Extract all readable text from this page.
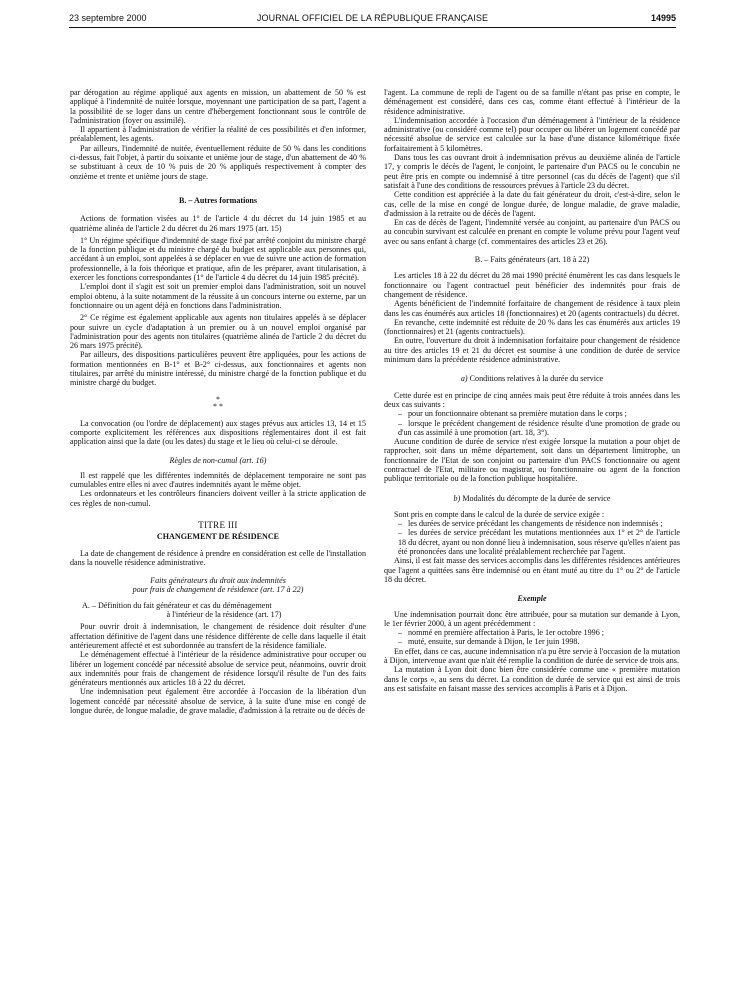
23 septembre 2000	JOURNAL OFFICIEL DE LA RÉPUBLIQUE FRANÇAISE	14995

par dérogation au régime appliqué aux agents en mission, un abattement de 50 % est appliqué à l'indemnité de nuitée lorsque, moyennant une participation de sa part, l'agent a la possibilité de se loger dans un centre d'hébergement fonctionnant sous le contrôle de l'administration (foyer ou assimilé).

Il appartient à l'administration de vérifier la réalité de ces possibilités et d'en informer, préalablement, les agents.

Par ailleurs, l'indemnité de nuitée, éventuellement réduite de 50 % dans les conditions ci-dessus, fait l'objet, à partir du soixante et unième jour de stage, d'un abattement de 40 % se substituant à ceux de 10 % puis de 20 % appliqués respectivement à compter des onzième et trente et unième jours de stage.

B. – Autres formations

Actions de formation visées au 1° de l'article 4 du décret du 14 juin 1985 et au quatrième alinéa de l'article 2 du décret du 26 mars 1975 (art. 15)

1° Un régime spécifique d'indemnité de stage fixé par arrêté conjoint du ministre chargé de la fonction publique et du ministre chargé du budget est applicable aux personnes qui, accédant à un emploi, sont appelées à se déplacer en vue de suivre une action de formation professionnelle, à la fois théorique et pratique, afin de les préparer, avant titularisation, à exercer les fonctions correspondantes (1° de l'article 4 du décret du 14 juin 1985 précité).

L'emploi dont il s'agit est soit un premier emploi dans l'administration, soit un nouvel emploi obtenu, à la suite notamment de la réussite à un concours interne ou externe, par un fonctionnaire ou un agent déjà en fonctions dans l'administration.

2° Ce régime est également applicable aux agents non titulaires appelés à se déplacer pour suivre un cycle d'adaptation à un premier ou à un nouvel emploi organisé par l'administration pour des agents non titulaires (quatrième alinéa de l'article 2 du décret du 26 mars 1975 précité).

Par ailleurs, des dispositions particulières peuvent être appliquées, pour les actions de formation mentionnées en B-1° et B-2° ci-dessus, aux fonctionnaires et agents non titulaires, par arrêté du ministre intéressé, du ministre chargé de la fonction publique et du ministre chargé du budget.

*
* *

La convocation (ou l'ordre de déplacement) aux stages prévus aux articles 13, 14 et 15 comporte explicitement les références aux dispositions réglementaires dont il est fait application ainsi que la date (ou les dates) du stage et le lieu où celui-ci se déroule.

Règles de non-cumul (art. 16)

Il est rappelé que les différentes indemnités de déplacement temporaire ne sont pas cumulables entre elles ni avec d'autres indemnités ayant le même objet.

Les ordonnateurs et les contrôleurs financiers doivent veiller à la stricte application de ces règles de non-cumul.

TITRE III
CHANGEMENT DE RÉSIDENCE

La date de changement de résidence à prendre en considération est celle de l'installation dans la nouvelle résidence administrative.

Faits générateurs du droit aux indemnités
pour frais de changement de résidence (art. 17 à 22)
A. – Définition du fait générateur et cas du déménagement
à l'intérieur de la résidence (art. 17)

Pour ouvrir droit à indemnisation, le changement de résidence doit résulter d'une affectation définitive de l'agent dans une résidence différente de celle dans laquelle il était antérieurement affecté et est subordonnée au transfert de la résidence familiale.

Le déménagement effectué à l'intérieur de la résidence administrative pour occuper ou libérer un logement concédé par nécessité absolue de service peut, néanmoins, ouvrir droit aux indemnités pour frais de changement de résidence lorsqu'il résulte de l'un des faits générateurs mentionnés aux articles 18 à 22 du décret.

Une indemnisation peut également être accordée à l'occasion de la libération d'un logement concédé par nécessité absolue de service, à la suite d'une mise en congé de longue durée, de longue maladie, de grave maladie, d'admission à la retraite ou de décès de

l'agent. La commune de repli de l'agent ou de sa famille n'étant pas prise en compte, le déménagement est considéré, dans ces cas, comme étant effectué à l'intérieur de la résidence administrative.

L'indemnisation accordée à l'occasion d'un déménagement à l'intérieur de la résidence administrative (ou considéré comme tel) pour occuper ou libérer un logement concédé par nécessité absolue de service est calculée sur la base d'une distance kilométrique fixée forfaitairement à 5 kilomètres.

Dans tous les cas ouvrant droit à indemnisation prévus au deuxième alinéa de l'article 17, y compris le décès de l'agent, le conjoint, le partenaire d'un PACS ou le concubin ne peut être pris en compte ou indemnisé à titre personnel (cas du décès de l'agent) que s'il satisfait à l'une des conditions de ressources prévues à l'article 23 du décret.

Cette condition est appréciée à la date du fait générateur du droit, c'est-à-dire, selon le cas, celle de la mise en congé de longue durée, de longue maladie, de grave maladie, d'admission à la retraite ou de décès de l'agent.

En cas de décès de l'agent, l'indemnité versée au conjoint, au partenaire d'un PACS ou au concubin survivant est calculée en prenant en compte le volume prévu pour l'agent veuf avec ou sans enfant à charge (cf. commentaires des articles 23 et 26).

B. – Faits générateurs (art. 18 à 22)

Les articles 18 à 22 du décret du 28 mai 1990 précité énumèrent les cas dans lesquels le fonctionnaire ou l'agent contractuel peut bénéficier des indemnités pour frais de changement de résidence.

Agents bénéficient de l'indemnité forfaitaire de changement de résidence à taux plein dans les cas énumérés aux articles 18 (fonctionnaires) et 20 (agents contractuels) du décret.

En revanche, cette indemnité est réduite de 20 % dans les cas énumérés aux articles 19 (fonctionnaires) et 21 (agents contractuels).

En outre, l'ouverture du droit à indemnisation forfaitaire pour changement de résidence au titre des articles 19 et 21 du décret est soumise à une condition de durée de service minimum dans la précédente résidence administrative.

a) Conditions relatives à la durée du service

Cette durée est en principe de cinq années mais peut être réduite à trois années dans les deux cas suivants :

– pour un fonctionnaire obtenant sa première mutation dans le corps ;

– lorsque le précédent changement de résidence résulte d'une promotion de grade ou d'un cas assimilé à une promotion (art. 18, 3°).

Aucune condition de durée de service n'est exigée lorsque la mutation a pour objet de rapprocher, soit dans un même département, soit dans un département limitrophe, un fonctionnaire de l'Etat de son conjoint ou partenaire d'un PACS fonctionnaire ou agent contractuel de l'Etat, militaire ou magistrat, ou fonctionnaire ou agent de la fonction publique territoriale ou de la fonction publique hospitalière.

b) Modalités du décompte de la durée de service

Sont pris en compte dans le calcul de la durée de service exigée :

– les durées de service précédant les changements de résidence non indemnisés ;

– les durées de service précédant les mutations mentionnées aux 1° et 2° de l'article 18 du décret, ayant ou non donné lieu à indemnisation, sous réserve qu'elles n'aient pas été prononcées dans une localité préalablement recherchée par l'agent.

Ainsi, il est fait masse des services accomplis dans les différentes résidences antérieures que l'agent a quittées sans être indemnisé ou en étant muté au titre du 1° ou 2° de l'article 18 du décret.

Exemple

Une indemnisation pourrait donc être attribuée, pour sa mutation sur demande à Lyon, le 1er février 2000, à un agent précédemment :

– nommé en première affectation à Paris, le 1er octobre 1996 ;

– muté, ensuite, sur demande à Dijon, le 1er juin 1998.

En effet, dans ce cas, aucune indemnisation n'a pu être servie à l'occasion de la mutation à Dijon, intervenue avant que n'ait été remplie la condition de durée de service de trois ans.

La mutation à Lyon doit donc bien être considérée comme une « première mutation dans le corps », au sens du décret. La condition de durée de service qui est ainsi de trois ans est satisfaite en faisant masse des services accomplis à Paris et à Dijon.
